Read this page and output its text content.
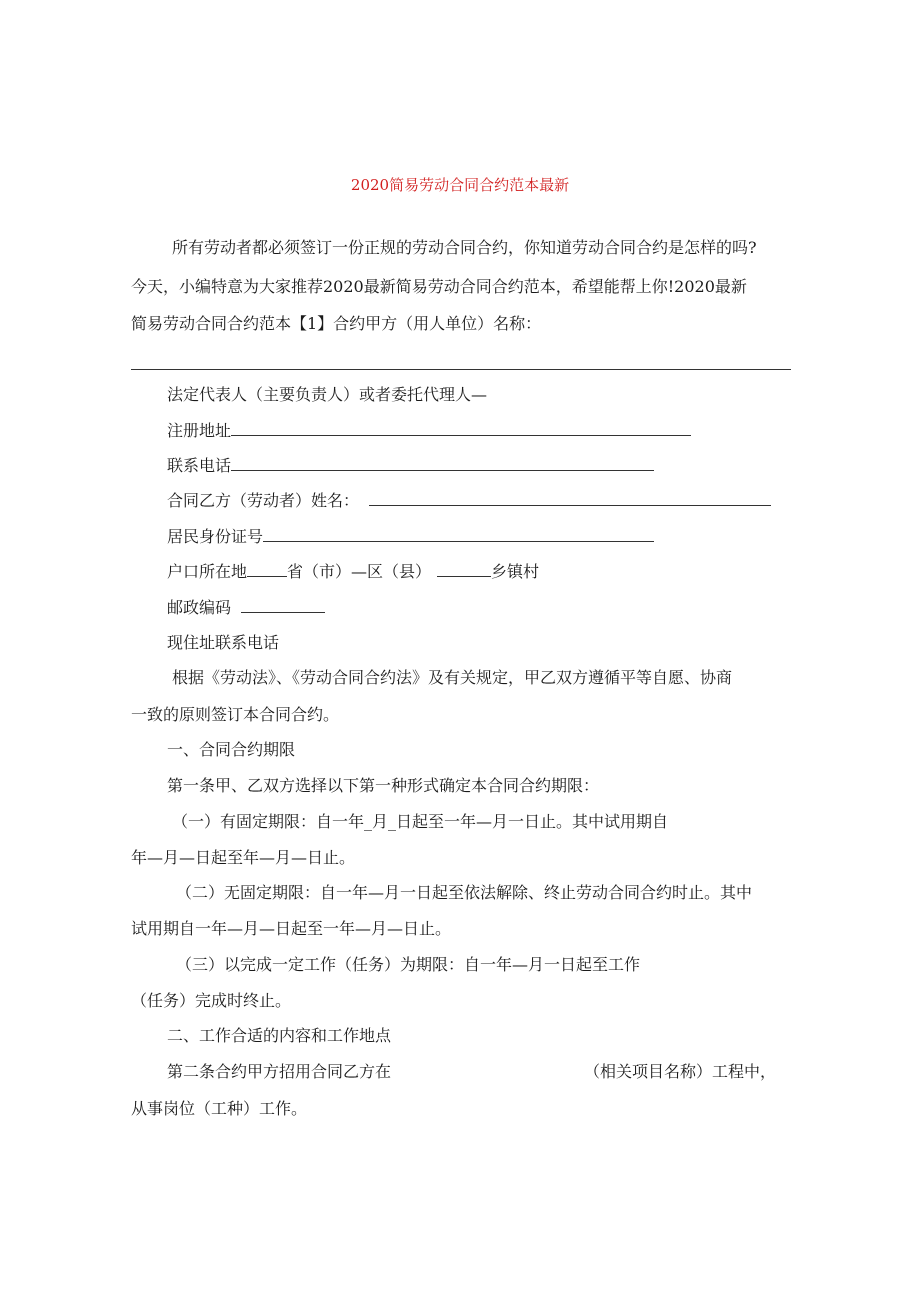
2020简易劳动合同合约范本最新
所有劳动者都必须签订一份正规的劳动合同合约，你知道劳动合同合约是怎样的吗?
今天，小编特意为大家推荐2020最新简易劳动合同合约范本，希望能帮上你!2020最新
简易劳动合同合约范本【1】合约甲方（用人单位）名称：
法定代表人（主要负责人）或者委托代理人—
注册地址
联系电话
合同乙方（劳动者）姓名：
居民身份证号
户口所在地	省（市）—区（县）	乡镇村
邮政编码
现住址联系电话
根据《劳动法》、《劳动合同合约法》及有关规定，甲乙双方遵循平等自愿、协商
一致的原则签订本合同合约。
一、合同合约期限
第一条甲、乙双方选择以下第一种形式确定本合同合约期限：
（一）有固定期限：自一年_月_日起至一年—月一日止。其中试用期自
年—月—日起至年—月—日止。
（二）无固定期限：自一年—月一日起至依法解除、终止劳动合同合约时止。其中
试用期自一年—月—日起至一年—月—日止。
（三）以完成一定工作（任务）为期限：自一年—月一日起至工作
（任务）完成时终止。
二、工作合适的内容和工作地点
第二条合约甲方招用合同乙方在	（相关项目名称）工程中，
从事岗位（工种）工作。
